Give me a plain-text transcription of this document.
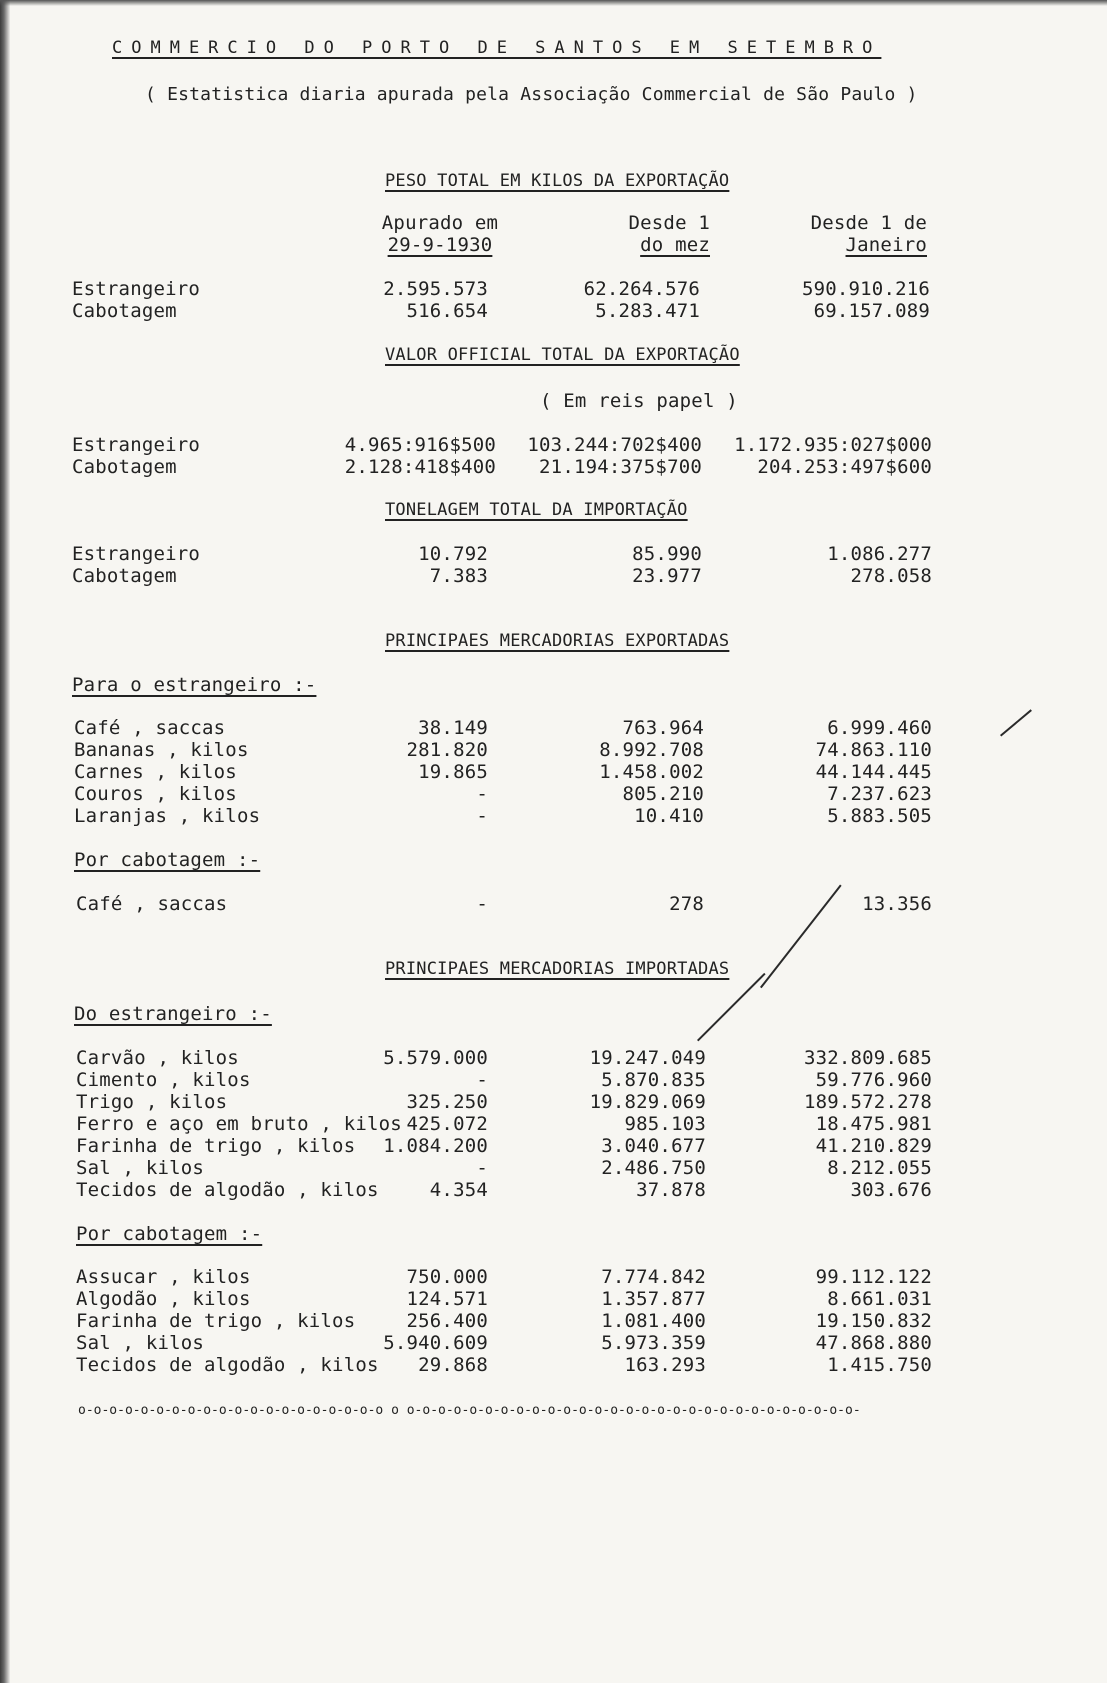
COMMERCIO DO PORTO DE SANTOS EM SETEMBRO
( Estatistica diaria apurada pela Associação Commercial de São Paulo )
PESO TOTAL EM KILOS DA EXPORTAÇÃO
Apurado em
29-9-1930
Desde 1
do mez
Desde 1 de
Janeiro
Estrangeiro	2.595.573	62.264.576	590.910.216
Cabotagem	516.654	5.283.471	69.157.089
VALOR OFFICIAL TOTAL DA EXPORTAÇÃO
( Em reis papel )
Estrangeiro	4.965:916$500	103.244:702$400 1.172.935:027$000
Cabotagem	2.128:418$400	21.194:375$700	204.253:497$600
TONELAGEM TOTAL DA IMPORTAÇÃO
Estrangeiro	10.792	85.990	1.086.277
Cabotagem	7.383	23.977	278.058
PRINCIPAES MERCADORIAS EXPORTADAS
Para o estrangeiro :-
Café , saccas	38.149	763.964	6.999.460
Bananas , kilos	281.820	8.992.708	74.863.110
Carnes , kilos	19.865	1.458.002	44.144.445
Couros , kilos	-	805.210	7.237.623
Laranjas , kilos	-	10.410	5.883.505
Por cabotagem :-
Café , saccas	-	278	13.356
PRINCIPAES MERCADORIAS IMPORTADAS
Do estrangeiro :-
Carvão , kilos	5.579.000	19.247.049	332.809.685
Cimento , kilos	-	5.870.835	59.776.960
Trigo , kilos	325.250	19.829.069	189.572.278
Ferro e aço em bruto , kilos 425.072	985.103	18.475.981
Farinha de trigo , kilos	1.084.200	3.040.677	41.210.829
Sal , kilos	-	2.486.750	8.212.055
Tecidos de algodão , kilos	4.354	37.878	303.676
Por cabotagem :-
Assucar , kilos	750.000	7.774.842	99.112.122
Algodão , kilos	124.571	1.357.877	8.661.031
Farinha de trigo , kilos	256.400	1.081.400	19.150.832
Sal , kilos	5.940.609	5.973.359	47.868.880
Tecidos de algodão , kilos	29.868	163.293	1.415.750
o-o-o-o-o-o-o-o-o-o-o-o-o-o-o-o-o-o-o-o o o-o-o-o-o-o-o-o-o-o-o-o-o-o-o-o-o-o-o-o-o-o-o-o-o-o-o-o-o-
